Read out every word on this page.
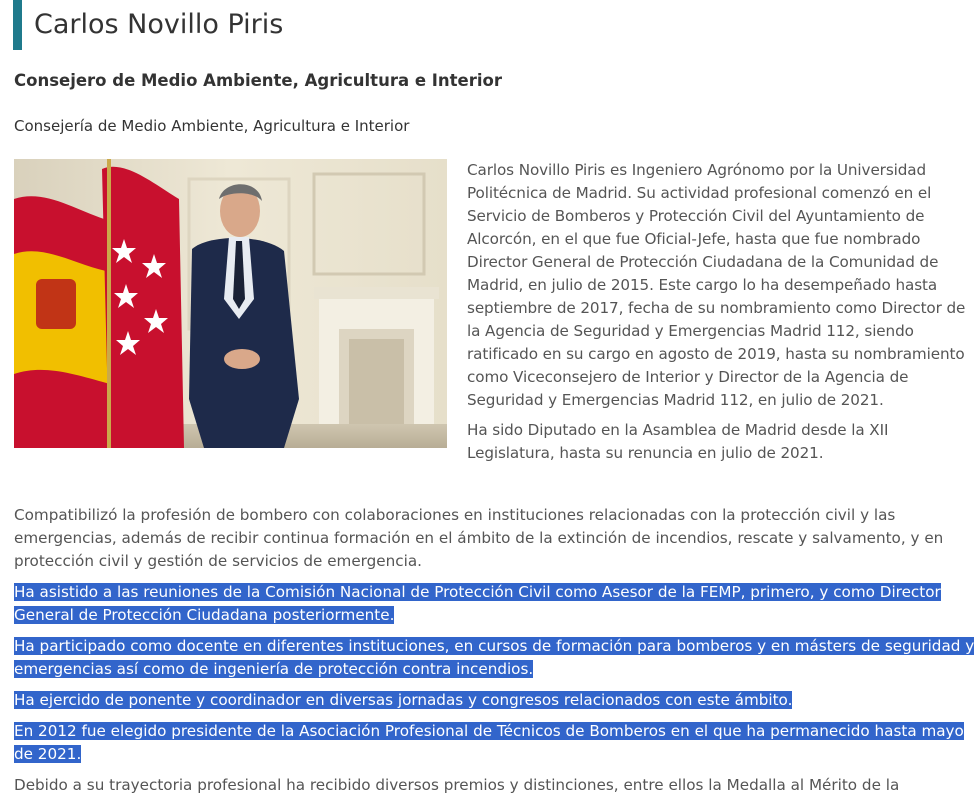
Carlos Novillo Piris
Consejero de Medio Ambiente, Agricultura e Interior
Consejería de Medio Ambiente, Agricultura e Interior

Carlos Novillo Piris es Ingeniero Agrónomo por la Universidad Politécnica de Madrid. Su actividad profesional comenzó en el Servicio de Bomberos y Protección Civil del Ayuntamiento de Alcorcón, en el que fue Oficial-Jefe, hasta que fue nombrado Director General de Protección Ciudadana de la Comunidad de Madrid, en julio de 2015. Este cargo lo ha desempeñado hasta septiembre de 2017, fecha de su nombramiento como Director de la Agencia de Seguridad y Emergencias Madrid 112, siendo ratificado en su cargo en agosto de 2019, hasta su nombramiento como Viceconsejero de Interior y Director de la Agencia de Seguridad y Emergencias Madrid 112, en julio de 2021.

Ha sido Diputado en la Asamblea de Madrid desde la XII Legislatura, hasta su renuncia en julio de 2021.

Compatibilizó la profesión de bombero con colaboraciones en instituciones relacionadas con la protección civil y las emergencias, además de recibir continua formación en el ámbito de la extinción de incendios, rescate y salvamento, y en protección civil y gestión de servicios de emergencia.

Ha asistido a las reuniones de la Comisión Nacional de Protección Civil como Asesor de la FEMP, primero, y como Director General de Protección Ciudadana posteriormente.

Ha participado como docente en diferentes instituciones, en cursos de formación para bomberos y en másters de seguridad y emergencias así como de ingeniería de protección contra incendios.

Ha ejercido de ponente y coordinador en diversas jornadas y congresos relacionados con este ámbito.

En 2012 fue elegido presidente de la Asociación Profesional de Técnicos de Bomberos en el que ha permanecido hasta mayo de 2021.

Debido a su trayectoria profesional ha recibido diversos premios y distinciones, entre ellos la Medalla al Mérito de la
